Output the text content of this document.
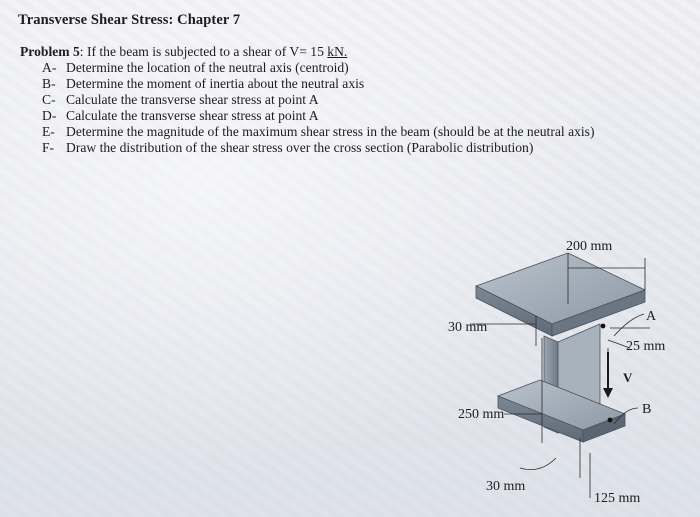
Transverse Shear Stress: Chapter 7
Problem 5: If the beam is subjected to a shear of V= 15 kN.
A- Determine the location of the neutral axis (centroid)
B- Determine the moment of inertia about the neutral axis
C- Calculate the transverse shear stress at point A
D- Calculate the transverse shear stress at point A
E- Determine the magnitude of the maximum shear stress in the beam (should be at the neutral axis)
F- Draw the distribution of the shear stress over the cross section (Parabolic distribution)
200 mm
30 mm
A
25 mm
V
B
250 mm
30 mm
125 mm
